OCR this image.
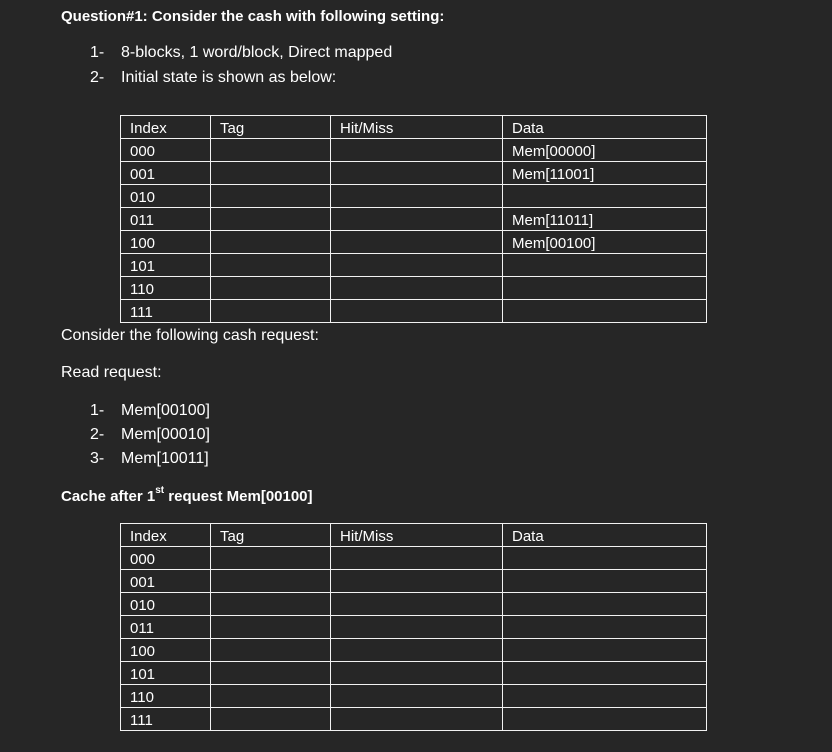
Question#1: Consider the cash with following setting:
1- 8-blocks, 1 word/block, Direct mapped
2- Initial state is shown as below:
Index	Tag	Hit/Miss	Data
000			Mem[00000]
001			Mem[11001]
010			
011			Mem[11011]
100			Mem[00100]
101			
110			
111			
Consider the following cash request:
Read request:
1- Mem[00100]
2- Mem[00010]
3- Mem[10011]
Cache after 1st request Mem[00100]
Index	Tag	Hit/Miss	Data
000			
001			
010			
011			
100			
101			
110			
111			
